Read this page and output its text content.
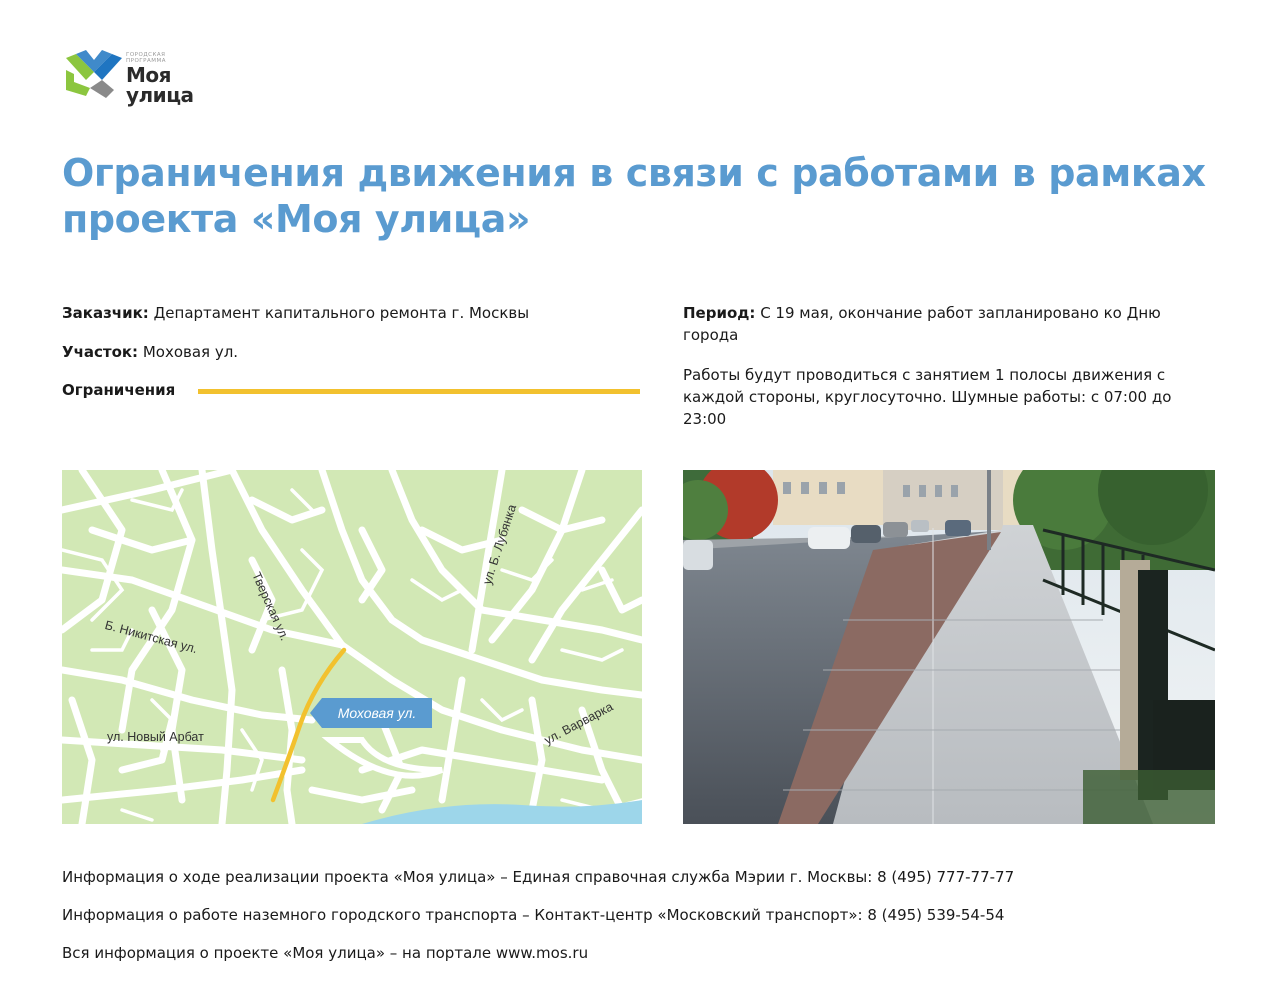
ГОРОДСКАЯ
ПРОГРАММА
Моя
улица
Ограничения движения в связи с работами в рамках
проекта «Моя улица»
Заказчик: Департамент капитального ремонта г. Москвы
Участок: Моховая ул.
Ограничения
Период: С 19 мая, окончание работ запланировано ко Дню города
Работы будут проводиться с занятием 1 полосы движения с каждой стороны, круглосуточно. Шумные работы: с 07:00 до 23:00
Тверская ул.
ул. Б. Лубянка
Б. Никитская ул.
ул. Новый Арбат	ул. Варварка
Моховая ул.
Информация о ходе реализации проекта «Моя улица» – Единая справочная служба Мэрии г. Москвы: 8 (495) 777-77-77
Информация о работе наземного городского транспорта – Контакт-центр «Московский транспорт»: 8 (495) 539-54-54
Вся информация о проекте «Моя улица» – на портале www.mos.ru
